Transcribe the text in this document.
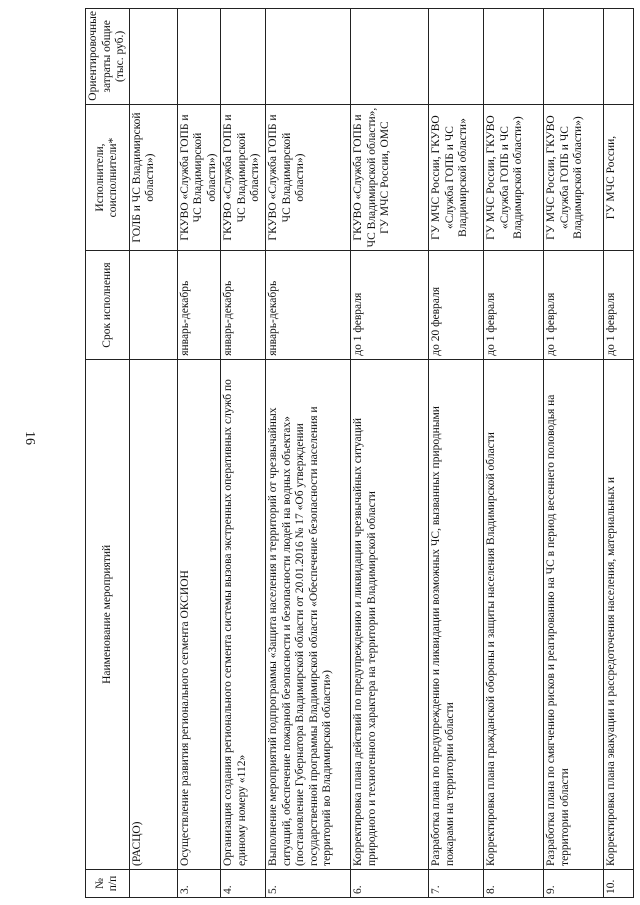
16
№ п/п	Наименование мероприятий	Срок исполнения	Исполнители, соисполнители*	Ориентировочные затраты общие (тыс. руб.)
	(РАСЦО)		ГОЛБ и ЧС Владимирской области»)	
3.	Осуществление развития регионального сегмента ОКСИОН	январь-декабрь	ГКУВО «Служба ГОПБ и ЧС Владимирской области»)	
4.	Организация создания регионального сегмента системы вызова экстренных оперативных служб по единому номеру «112»	январь-декабрь	ГКУВО «Служба ГОПБ и ЧС Владимирской области»)	
5.	Выполнение мероприятий подпрограммы «Защита населения и территорий от чрезвычайных ситуаций, обеспечение пожарной безопасности и безопасности людей на водных объектах» (постановление Губернатора Владимирской области от 20.01.2016 № 17 «Об утверждении государственной программы Владимирской области «Обеспечение безопасности населения и территорий во Владимирской области»)	январь-декабрь	ГКУВО «Служба ГОПБ и ЧС Владимирской области»)	
6.	Корректировка плана действий по предупреждению и ликвидации чрезвычайных ситуаций природного и техногенного характера на территории Владимирской области	до 1 февраля	ГКУВО «Служба ГОПБ и ЧС Владимирской области», ГУ МЧС России, ОМС	
7.	Разработка плана по предупреждению и ликвидации возможных ЧС, вызванных природными пожарами на территории области	до 20 февраля	ГУ МЧС России, ГКУВО «Служба ГОПБ и ЧС Владимирской области»	
8.	Корректировка плана гражданской обороны и защиты населения Владимирской области	до 1 февраля	ГУ МЧС России, ГКУВО «Служба ГОПБ и ЧС Владимирской области»)	
9.	Разработка плана по смягчению рисков и реагированию на ЧС в период весеннего половодья на территории области	до 1 февраля	ГУ МЧС России, ГКУВО «Служба ГОПБ и ЧС Владимирской области»)	
10.	Корректировка плана эвакуации и рассредоточения населения, материальных и	до 1 февраля	ГУ МЧС России,	
